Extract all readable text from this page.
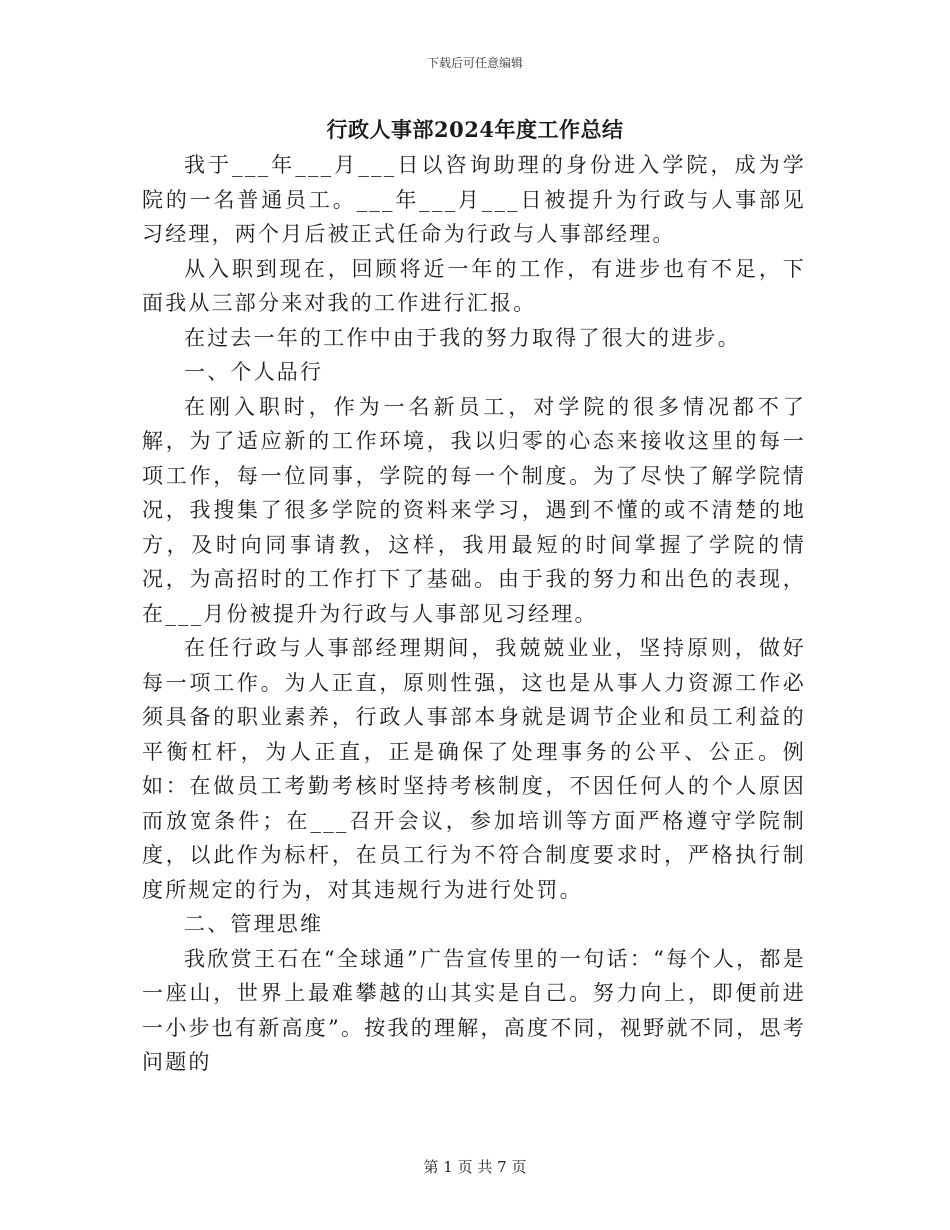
下载后可任意编辑
行政人事部2024年度工作总结

我于___年___月___日以咨询助理的身份进入学院，成为学院的一名普通员工。___年___月___日被提升为行政与人事部见习经理，两个月后被正式任命为行政与人事部经理。

从入职到现在，回顾将近一年的工作，有进步也有不足，下面我从三部分来对我的工作进行汇报。

在过去一年的工作中由于我的努力取得了很大的进步。

一、个人品行

在刚入职时，作为一名新员工，对学院的很多情况都不了解，为了适应新的工作环境，我以归零的心态来接收这里的每一项工作，每一位同事，学院的每一个制度。为了尽快了解学院情况，我搜集了很多学院的资料来学习，遇到不懂的或不清楚的地方，及时向同事请教，这样，我用最短的时间掌握了学院的情况，为高招时的工作打下了基础。由于我的努力和出色的表现，在___月份被提升为行政与人事部见习经理。

在任行政与人事部经理期间，我兢兢业业，坚持原则，做好每一项工作。为人正直，原则性强，这也是从事人力资源工作必须具备的职业素养，行政人事部本身就是调节企业和员工利益的平衡杠杆，为人正直，正是确保了处理事务的公平、公正。例如：在做员工考勤考核时坚持考核制度，不因任何人的个人原因而放宽条件；在___召开会议，参加培训等方面严格遵守学院制度，以此作为标杆，在员工行为不符合制度要求时，严格执行制度所规定的行为，对其违规行为进行处罚。

二、管理思维

我欣赏王石在“全球通”广告宣传里的一句话：“每个人，都是一座山，世界上最难攀越的山其实是自己。努力向上，即便前进一小步也有新高度”。按我的理解，高度不同，视野就不同，思考问题的

第 1 页 共 7 页
